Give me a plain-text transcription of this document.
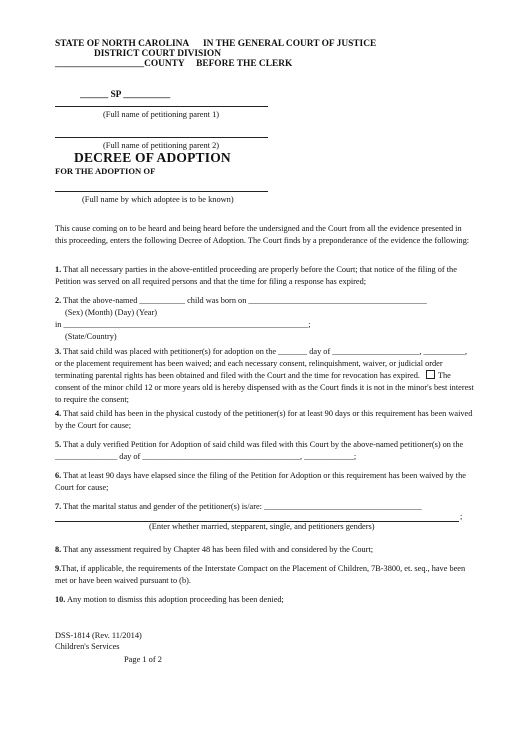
STATE OF NORTH CAROLINA IN THE GENERAL COURT OF JUSTICE
DISTRICT COURT DIVISION
___________________COUNTY BEFORE THE CLERK
______ SP __________
(Full name of petitioning parent 1)
(Full name of petitioning parent 2)
DECREE OF ADOPTION
FOR THE ADOPTION OF
(Full name by which adoptee is to be known)
This cause coming on to be heard and being heard before the undersigned and the Court from all the evidence presented in this proceeding, enters the following Decree of Adoption. The Court finds by a preponderance of the evidence the following:
1. That all necessary parties in the above-entitled proceeding are properly before the Court; that notice of the filing of the Petition was served on all required persons and that the time for filing a response has expired;
2. That the above-named ___________ child was born on ___________________________________________
(Sex) (Month) (Day) (Year)
in ___________________________________________________________;
(State/Country)
3. That said child was placed with petitioner(s) for adoption on the _______ day of _____________________, __________, or the placement requirement has been waived; and each necessary consent, relinquishment, waiver, or judicial order terminating parental rights has been obtained and filed with the Court and the time for revocation has expired. The consent of the minor child 12 or more years old is hereby dispensed with as the Court finds it is not in the minor's best interest to require the consent;
4. That said child has been in the physical custody of the petitioner(s) for at least 90 days or this requirement has been waived by the Court for cause;
5. That a duly verified Petition for Adoption of said child was filed with this Court by the above-named petitioner(s) on the _______________ day of ______________________________________, ____________;
6. That at least 90 days have elapsed since the filing of the Petition for Adoption or this requirement has been waived by the Court for cause;
7. That the marital status and gender of the petitioner(s) is/are: ______________________________________
;
(Enter whether married, stepparent, single, and petitioners genders)
8. That any assessment required by Chapter 48 has been filed with and considered by the Court;
9.That, if applicable, the requirements of the Interstate Compact on the Placement of Children, 7B-3800, et. seq., have been met or have been waived pursuant to (b).
10. Any motion to dismiss this adoption proceeding has been denied;
DSS-1814 (Rev. 11/2014)
Children's Services
Page 1 of 2
